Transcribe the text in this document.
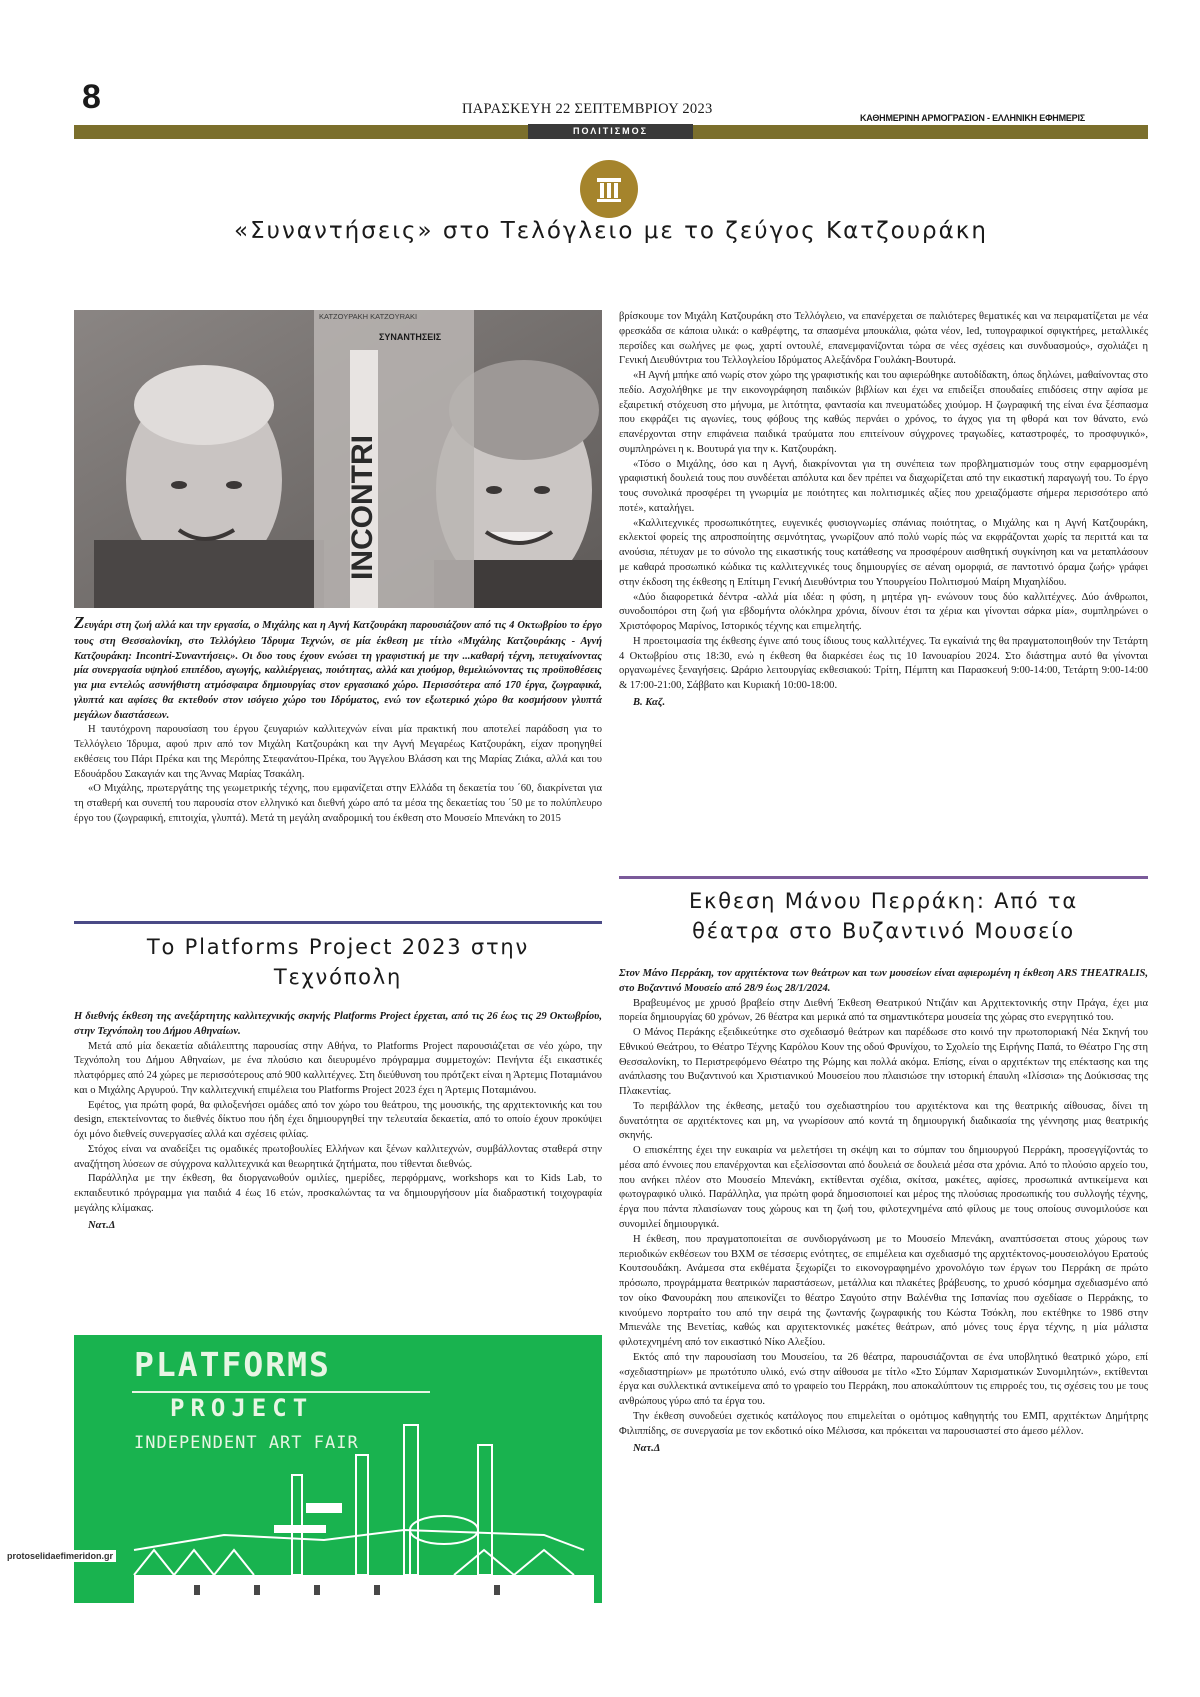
8	ΠΑΡΑΣΚΕΥΗ 22 ΣΕΠΤΕΜΒΡΙΟΥ 2023
ΚΑΘΗΜΕΡΙΝΗ ΑΡΜΟΓΡΑΣΙΟΝ - ΕΛΛΗΝΙΚΗ ΕΦΗΜΕΡΙΣ
ΠΟΛΙΤΙΣΜΟΣ
«Συναντήσεις» στο Τελόγλειο με το ζεύγος Κατζουράκη
ΚΑΤΖΟΥΡΑΚΗ KATZOYRAKI
ΣΥΝΑΝΤΗΣΕΙΣ
INCONTRI

Ζευγάρι στη ζωή αλλά και την εργασία, ο Μιχάλης και η Αγνή Κατζουράκη παρουσιάζουν από τις 4 Οκτωβρίου το έργο τους στη Θεσσαλονίκη, στο Τελλόγλειο Ίδρυμα Τεχνών, σε μία έκθεση με τίτλο «Μιχάλης Κατζουράκης - Αγνή Κατζουράκη: Incontri-Συναντήσεις». Οι δυο τους έχουν ενώσει τη γραφιστική με την ...καθαρή τέχνη, πετυχαίνοντας μία συνεργασία υψηλού επιπέδου, αγωγής, καλλιέργειας, ποιότητας, αλλά και χιούμορ, θεμελιώνοντας τις προϋποθέσεις για μια εντελώς ασυνήθιστη ατμόσφαιρα δημιουργίας στον εργασιακό χώρο. Περισσότερα από 170 έργα, ζωγραφικά, γλυπτά και αφίσες θα εκτεθούν στον ισόγειο χώρο του Ιδρύματος, ενώ τον εξωτερικό χώρο θα κοσμήσουν γλυπτά μεγάλων διαστάσεων.

Η ταυτόχρονη παρουσίαση του έργου ζευγαριών καλλιτεχνών είναι μία πρακτική που αποτελεί παράδοση για το Τελλόγλειο Ίδρυμα, αφού πριν από τον Μιχάλη Κατζουράκη και την Αγνή Μεγαρέως Κατζουράκη, είχαν προηγηθεί εκθέσεις του Πάρι Πρέκα και της Μερόπης Στεφανάτου-Πρέκα, του Άγγελου Βλάσση και της Μαρίας Ζιάκα, αλλά και του Εδουάρδου Σακαγιάν και της Άννας Μαρίας Τσακάλη.

«Ο Μιχάλης, πρωτεργάτης της γεωμετρικής τέχνης, που εμφανίζεται στην Ελλάδα τη δεκαετία του ΄60, διακρίνεται για τη σταθερή και συνεπή του παρουσία στον ελληνικό και διεθνή χώρο από τα μέσα της δεκαετίας του ΄50 με το πολύπλευρο έργο του (ζωγραφική, επιτοιχία, γλυπτά). Μετά τη μεγάλη αναδρομική του έκθεση στο Μουσείο Μπενάκη το 2015

βρίσκουμε τον Μιχάλη Κατζουράκη στο Τελλόγλειο, να επανέρχεται σε παλιότερες θεματικές και να πειραματίζεται με νέα φρεσκάδα σε κάποια υλικά: ο καθρέφτης, τα σπασμένα μπουκάλια, φώτα νέον, led, τυπογραφικοί σφιγκτήρες, μεταλλικές περσίδες και σωλήνες με φως, χαρτί οντουλέ, επανεμφανίζονται τώρα σε νέες σχέσεις και συνδυασμούς», σχολιάζει η Γενική Διευθύντρια του Τελλογλείου Ιδρύματος Αλεξάνδρα Γουλάκη-Βουτυρά.

«Η Αγνή μπήκε από νωρίς στον χώρο της γραφιστικής και του αφιερώθηκε αυτοδίδακτη, όπως δηλώνει, μαθαίνοντας στο πεδίο. Ασχολήθηκε με την εικονογράφηση παιδικών βιβλίων και έχει να επιδείξει σπουδαίες επιδόσεις στην αφίσα με εξαιρετική στόχευση στο μήνυμα, με λιτότητα, φαντασία και πνευματώδες χιούμορ. Η ζωγραφική της είναι ένα ξέσπασμα που εκφράζει τις αγωνίες, τους φόβους της καθώς περνάει ο χρόνος, το άγχος για τη φθορά και τον θάνατο, ενώ επανέρχονται στην επιφάνεια παιδικά τραύματα που επιτείνουν σύγχρονες τραγωδίες, καταστροφές, το προσφυγικό», συμπληρώνει η κ. Βουτυρά για την κ. Κατζουράκη.

«Τόσο ο Μιχάλης, όσο και η Αγνή, διακρίνονται για τη συνέπεια των προβληματισμών τους στην εφαρμοσμένη γραφιστική δουλειά τους που συνδέεται απόλυτα και δεν πρέπει να διαχωρίζεται από την εικαστική παραγωγή του. Το έργο τους συνολικά προσφέρει τη γνωριμία με ποιότητες και πολιτισμικές αξίες που χρειαζόμαστε σήμερα περισσότερο από ποτέ», καταλήγει.

«Καλλιτεχνικές προσωπικότητες, ευγενικές φυσιογνωμίες σπάνιας ποιότητας, ο Μιχάλης και η Αγνή Κατζουράκη, εκλεκτοί φορείς της απροσποίητης σεμνότητας, γνωρίζουν από πολύ νωρίς πώς να εκφράζονται χωρίς τα περιττά και τα ανούσια, πέτυχαν με το σύνολο της εικαστικής τους κατάθεσης να προσφέρουν αισθητική συγκίνηση και να μεταπλάσουν με καθαρά προσωπικό κώδικα τις καλλιτεχνικές τους δημιουργίες σε αέναη ομορφιά, σε παντοτινό όραμα ζωής» γράφει στην έκδοση της έκθεσης η Επίτιμη Γενική Διευθύντρια του Υπουργείου Πολιτισμού Μαίρη Μιχαηλίδου.

«Δύο διαφορετικά δέντρα -αλλά μία ιδέα: η φύση, η μητέρα γη- ενώνουν τους δύο καλλιτέχνες. Δύο άνθρωποι, συνοδοιπόροι στη ζωή για εβδομήντα ολόκληρα χρόνια, δίνουν έτσι τα χέρια και γίνονται σάρκα μία», συμπληρώνει ο Χριστόφορος Μαρίνος, Ιστορικός τέχνης και επιμελητής.

Η προετοιμασία της έκθεσης έγινε από τους ίδιους τους καλλιτέχνες. Τα εγκαίνιά της θα πραγματοποιηθούν την Τετάρτη 4 Οκτωβρίου στις 18:30, ενώ η έκθεση θα διαρκέσει έως τις 10 Ιανουαρίου 2024. Στο διάστημα αυτό θα γίνονται οργανωμένες ξεναγήσεις. Ωράριο λειτουργίας εκθεσιακού: Τρίτη, Πέμπτη και Παρασκευή 9:00-14:00, Τετάρτη 9:00-14:00 & 17:00-21:00, Σάββατο και Κυριακή 10:00-18:00.

Β. Καζ.

Το Platforms Project 2023 στην
Τεχνόπολη
Η διεθνής έκθεση της ανεξάρτητης καλλιτεχνικής σκηνής Platforms Project έρχεται, από τις 26 έως τις 29 Οκτωβρίου, στην Τεχνόπολη του Δήμου Αθηναίων.

Μετά από μία δεκαετία αδιάλειπτης παρουσίας στην Αθήνα, το Platforms Project παρουσιάζεται σε νέο χώρο, την Τεχνόπολη του Δήμου Αθηναίων, με ένα πλούσιο και διευρυμένο πρόγραμμα συμμετοχών: Πενήντα έξι εικαστικές πλατφόρμες από 24 χώρες με περισσότερους από 900 καλλιτέχνες. Στη διεύθυνση του πρότζεκτ είναι η Άρτεμις Ποταμιάνου και ο Μιχάλης Αργυρού. Την καλλιτεχνική επιμέλεια του Platforms Project 2023 έχει η Άρτεμις Ποταμιάνου.

Εφέτος, για πρώτη φορά, θα φιλοξενήσει ομάδες από τον χώρο του θεάτρου, της μουσικής, της αρχιτεκτονικής και του design, επεκτείνοντας το διεθνές δίκτυο που ήδη έχει δημιουργηθεί την τελευταία δεκαετία, από το οποίο έχουν προκύψει όχι μόνο διεθνείς συνεργασίες αλλά και σχέσεις φιλίας.

Στόχος είναι να αναδείξει τις ομαδικές πρωτοβουλίες Ελλήνων και ξένων καλλιτεχνών, συμβάλλοντας σταθερά στην αναζήτηση λύσεων σε σύγχρονα καλλιτεχνικά και θεωρητικά ζητήματα, που τίθενται διεθνώς.

Παράλληλα με την έκθεση, θα διοργανωθούν ομιλίες, ημερίδες, περφόρμανς, workshops και το Kids Lab, το εκπαιδευτικό πρόγραμμα για παιδιά 4 έως 16 ετών, προσκαλώντας τα να δημιουργήσουν μία διαδραστική τοιχογραφία μεγάλης κλίμακας.

Nατ.Δ

PLATFORMS
PROJECT
INDEPENDENT ART FAIR
Εκθεση Μάνου Περράκη: Από τα
θέατρα στο Βυζαντινό Μουσείο
Στον Μάνο Περράκη, τον αρχιτέκτονα των θεάτρων και των μουσείων είναι αφιερωμένη η έκθεση ARS THEATRALIS, στο Βυζαντινό Μουσείο από 28/9 έως 28/1/2024.

Βραβευμένος με χρυσό βραβείο στην Διεθνή Έκθεση Θεατρικού Ντιζάιν και Αρχιτεκτονικής στην Πράγα, έχει μια πορεία δημιουργίας 60 χρόνων, 26 θέατρα και μερικά από τα σημαντικότερα μουσεία της χώρας στο ενεργητικό του.

Ο Μάνος Περάκης εξειδικεύτηκε στο σχεδιασμό θεάτρων και παρέδωσε στο κοινό την πρωτοποριακή Νέα Σκηνή του Εθνικού Θεάτρου, το Θέατρο Τέχνης Καρόλου Κουν της οδού Φρυνίχου, το Σχολείο της Ειρήνης Παπά, το Θέατρο Γης στη Θεσσαλονίκη, το Περιστρεφόμενο Θέατρο της Ρώμης και πολλά ακόμα. Επίσης, είναι ο αρχιτέκτων της επέκτασης και της ανάπλασης του Βυζαντινού και Χριστιανικού Μουσείου που πλαισιώσε την ιστορική έπαυλη «Ιλίσσια» της Δούκισσας της Πλακεντίας.

Το περιβάλλον της έκθεσης, μεταξύ του σχεδιαστηρίου του αρχιτέκτονα και της θεατρικής αίθουσας, δίνει τη δυνατότητα σε αρχιτέκτονες και μη, να γνωρίσουν από κοντά τη δημιουργική διαδικασία της γέννησης μιας θεατρικής σκηνής.

Ο επισκέπτης έχει την ευκαιρία να μελετήσει τη σκέψη και το σύμπαν του δημιουργού Περράκη, προσεγγίζοντάς το μέσα από έννοιες που επανέρχονται και εξελίσσονται από δουλειά σε δουλειά μέσα στα χρόνια. Από το πλούσιο αρχείο του, που ανήκει πλέον στο Μουσείο Μπενάκη, εκτίθενται σχέδια, σκίτσα, μακέτες, αφίσες, προσωπικά αντικείμενα και φωτογραφικό υλικό. Παράλληλα, για πρώτη φορά δημοσιοποιεί και μέρος της πλούσιας προσωπικής του συλλογής τέχνης, έργα που πάντα πλαισίωναν τους χώρους και τη ζωή του, φιλοτεχνημένα από φίλους με τους οποίους συνομιλούσε και συνομιλεί δημιουργικά.

Η έκθεση, που πραγματοποιείται σε συνδιοργάνωση με το Μουσείο Μπενάκη, αναπτύσσεται στους χώρους των περιοδικών εκθέσεων του ΒΧΜ σε τέσσερις ενότητες, σε επιμέλεια και σχεδιασμό της αρχιτέκτονος-μουσειολόγου Ερατούς Κουτσουδάκη. Ανάμεσα στα εκθέματα ξεχωρίζει το εικονογραφημένο χρονολόγιο των έργων του Περράκη σε πρώτο πρόσωπο, προγράμματα θεατρικών παραστάσεων, μετάλλια και πλακέτες βράβευσης, το χρυσό κόσμημα σχεδιασμένο από τον οίκο Φανουράκη που απεικονίζει το θέατρο Σαγούτο στην Βαλένθια της Ισπανίας που σχεδίασε ο Περράκης, το κινούμενο πορτραίτο του από την σειρά της ζωντανής ζωγραφικής του Κώστα Τσόκλη, που εκτέθηκε το 1986 στην Μπιενάλε της Βενετίας, καθώς και αρχιτεκτονικές μακέτες θεάτρων, από μόνες τους έργα τέχνης, η μία μάλιστα φιλοτεχνημένη από τον εικαστικό Νίκο Αλεξίου.

Εκτός από την παρουσίαση του Μουσείου, τα 26 θέατρα, παρουσιάζονται σε ένα υποβλητικό θεατρικό χώρο, επί «σχεδιαστηρίων» με πρωτότυπο υλικό, ενώ στην αίθουσα με τίτλο «Στο Σύμπαν Χαρισματικών Συνομιλητών», εκτίθενται έργα και συλλεκτικά αντικείμενα από το γραφείο του Περράκη, που αποκαλύπτουν τις επιρροές του, τις σχέσεις του με τους ανθρώπους γύρω από τα έργα του.

Την έκθεση συνοδεύει σχετικός κατάλογος που επιμελείται ο ομότιμος καθηγητής του ΕΜΠ, αρχιτέκτων Δημήτρης Φιλιππίδης, σε συνεργασία με τον εκδοτικό οίκο Μέλισσα, και πρόκειται να παρουσιαστεί στο άμεσο μέλλον.

Nατ.Δ

protoselidaefimeridon.gr
